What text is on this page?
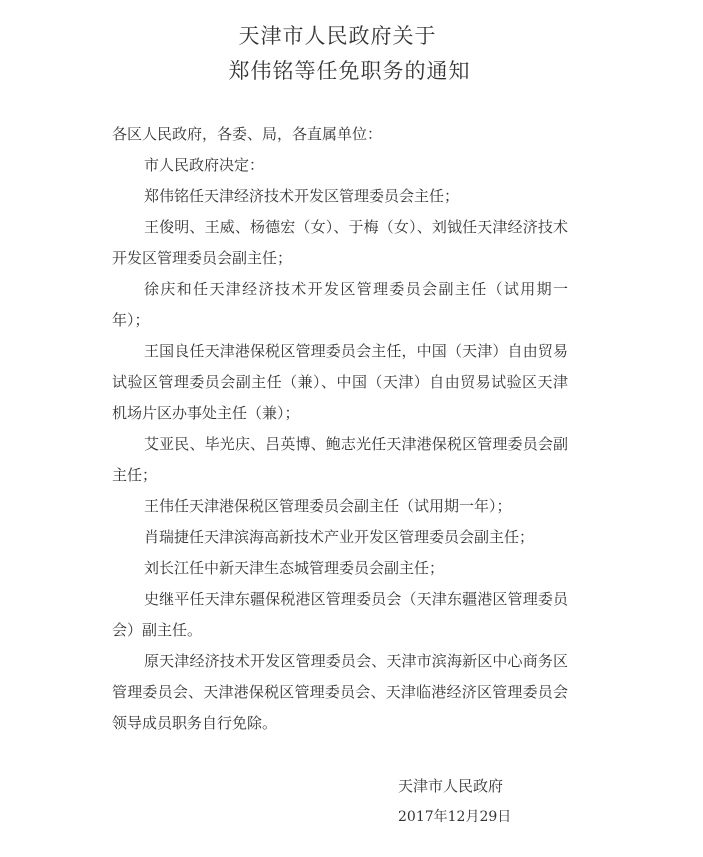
天津市人民政府关于
郑伟铭等任免职务的通知
各区人民政府，各委、局，各直属单位：
市人民政府决定：
郑伟铭任天津经济技术开发区管理委员会主任；
王俊明、王威、杨德宏（女）、于梅（女）、刘钺任天津经济技术开发区管理委员会副主任；
徐庆和任天津经济技术开发区管理委员会副主任（试用期一年）；
王国良任天津港保税区管理委员会主任，中国（天津）自由贸易试验区管理委员会副主任（兼）、中国（天津）自由贸易试验区天津机场片区办事处主任（兼）；
艾亚民、毕光庆、吕英博、鲍志光任天津港保税区管理委员会副主任；
王伟任天津港保税区管理委员会副主任（试用期一年）；
肖瑞捷任天津滨海高新技术产业开发区管理委员会副主任；
刘长江任中新天津生态城管理委员会副主任；
史继平任天津东疆保税港区管理委员会（天津东疆港区管理委员会）副主任。
原天津经济技术开发区管理委员会、天津市滨海新区中心商务区管理委员会、天津港保税区管理委员会、天津临港经济区管理委员会领导成员职务自行免除。
天津市人民政府
2017年12月29日
